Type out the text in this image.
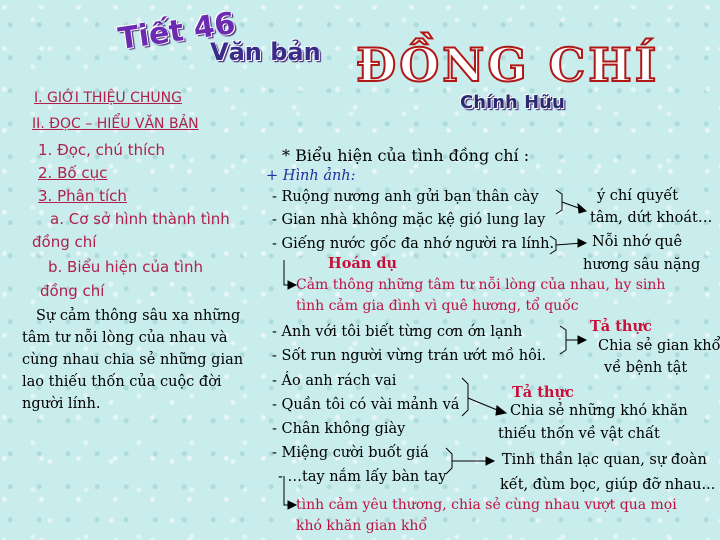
Tiết 46
Văn bản ĐỒNG CHÍ
Chính Hữu
I. GIỚI THIỆU CHUNG
II. ĐỌC – HIỂU VĂN BẢN
1. Đọc, chú thích
2. Bố cục
3. Phân tích
a. Cơ sở hình thành tình
đồng chí
b. Biểu hiện của tình
đồng chí
Sự cảm thông sâu xa những
tâm tư nỗi lòng của nhau và
cùng nhau chia sẻ những gian
lao thiếu thốn của cuộc đời
người lính.
* Biểu hiện của tình đồng chí :
+ Hình ảnh:
- Ruộng nương anh gửi bạn thân cày
- Gian nhà không mặc kệ gió lung lay
- Giếng nước gốc đa nhớ người ra lính.
ý chí quyết
tâm, dứt khoát…
Nỗi nhớ quê
hương sâu nặng
Hoán dụ
Cảm thông những tâm tư nỗi lòng của nhau, hy sinh
tình cảm gia đình vì quê hương, tổ quốc
- Anh với tôi biết từng cơn ớn lạnh
- Sốt run người vừng trán ướt mồ hôi.
Tả thực
Chia sẻ gian khổ
về bệnh tật
- Áo anh rách vai
- Quần tôi có vài mảnh vá
- Chân không giày
- Miệng cười buốt giá
- …tay nắm lấy bàn tay
Tả thực
Chia sẻ những khó khăn
thiếu thốn về vật chất
Tinh thần lạc quan, sự đoàn
kết, đùm bọc, giúp đỡ nhau...
tình cảm yêu thương, chia sẻ cùng nhau vượt qua mọi
khó khăn gian khổ
